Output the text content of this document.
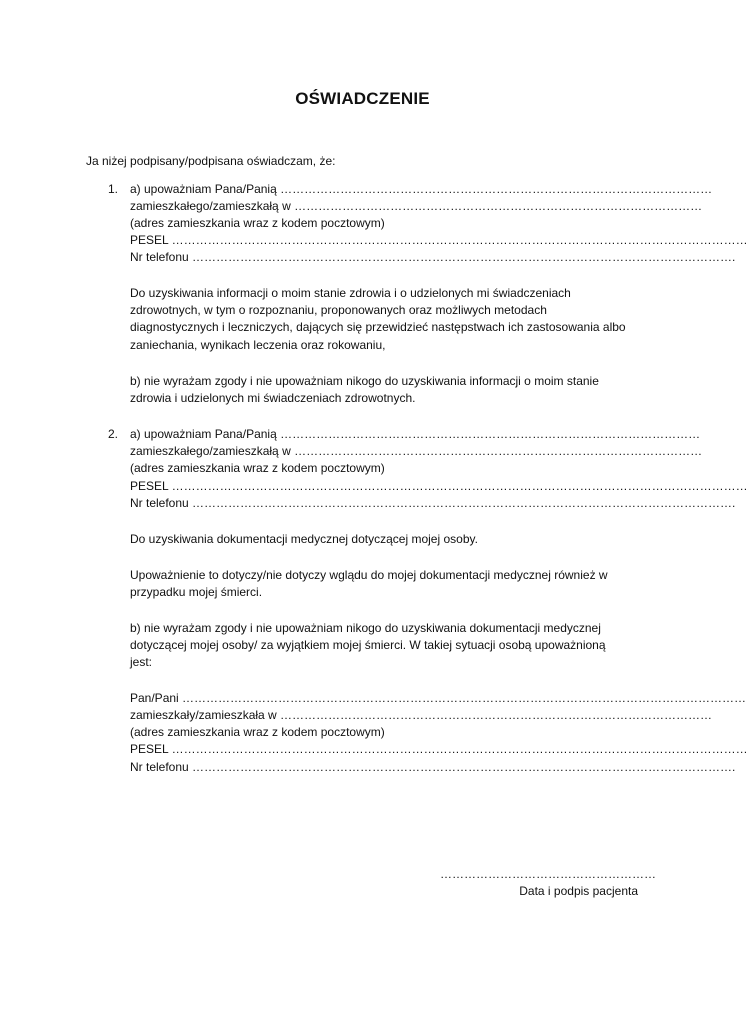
OŚWIADCZENIE
Ja niżej podpisany/podpisana oświadczam, że:
1. a) upoważniam Pana/Panią ………………………………………………………………………………………………
zamieszkałego/zamieszkałą w …………………………………………………………………………………………
(adres zamieszkania wraz z kodem pocztowym)
PESEL ………………………………………………………………………………………………………………………………
Nr telefonu ……………………………………………………………………………………………………………………….
Do uzyskiwania informacji o moim stanie zdrowia i o udzielonych mi świadczeniach
zdrowotnych, w tym o rozpoznaniu, proponowanych oraz możliwych metodach
diagnostycznych i leczniczych, dających się przewidzieć następstwach ich zastosowania albo
zaniechania, wynikach leczenia oraz rokowaniu,
b) nie wyrażam zgody i nie upoważniam nikogo do uzyskiwania informacji o moim stanie
zdrowia i udzielonych mi świadczeniach zdrowotnych.
2. a) upoważniam Pana/Panią ……………………………………………………………………………………………
zamieszkałego/zamieszkałą w …………………………………………………………………………………………
(adres zamieszkania wraz z kodem pocztowym)
PESEL ………………………………………………………………………………………………………………………………
Nr telefonu ……………………………………………………………………………………………………………………….
Do uzyskiwania dokumentacji medycznej dotyczącej mojej osoby.
Upoważnienie to dotyczy/nie dotyczy wglądu do mojej dokumentacji medycznej również w
przypadku mojej śmierci.
b) nie wyrażam zgody i nie upoważniam nikogo do uzyskiwania dokumentacji medycznej
dotyczącej mojej osoby/ za wyjątkiem mojej śmierci. W takiej sytuacji osobą upoważnioną
jest:
Pan/Pani ……………………………………………………………………………………………………………………………
zamieszkały/zamieszkała w ………………………………………………………………………………………………
(adres zamieszkania wraz z kodem pocztowym)
PESEL ………………………………………………………………………………………………………………………………
Nr telefonu ……………………………………………………………………………………………………………………….
………………………………………………
Data i podpis pacjenta
